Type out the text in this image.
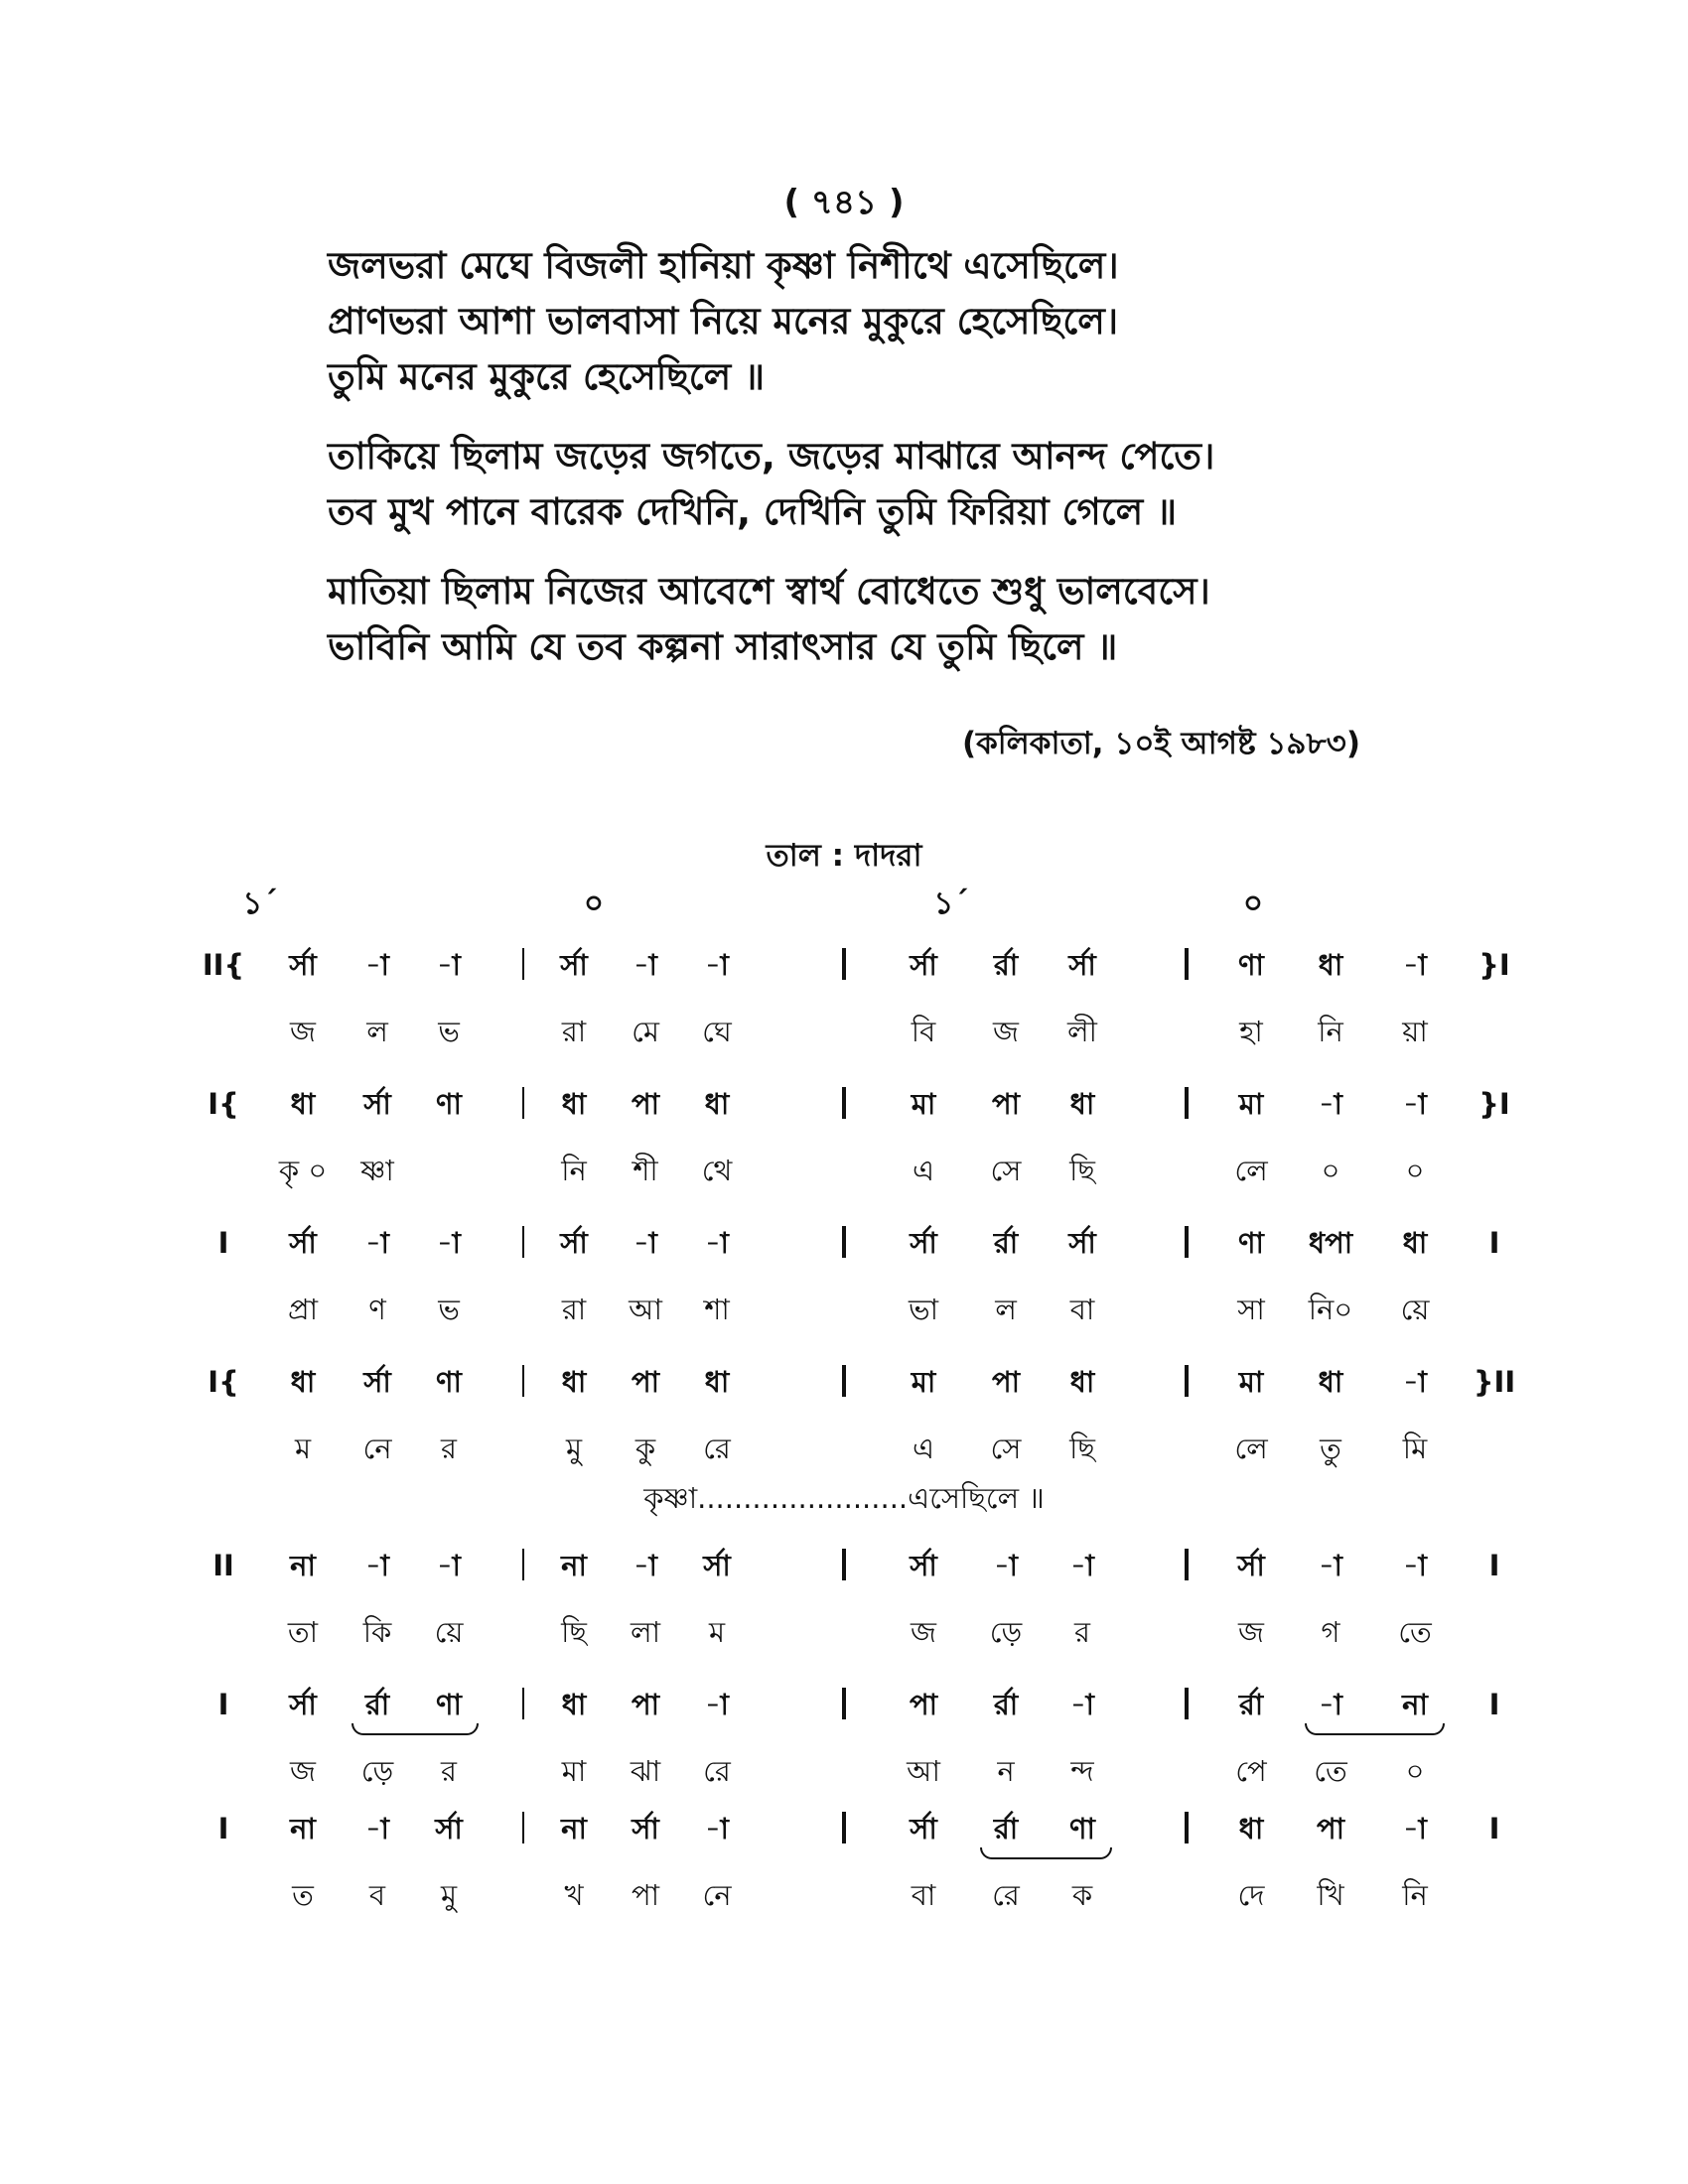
( ৭৪১ )
জলভরা মেঘে বিজলী হানিয়া কৃষ্ণা নিশীথে এসেছিলে।
প্রাণভরা আশা ভালবাসা নিয়ে মনের মুকুরে হেসেছিলে।
তুমি মনের মুকুরে হেসেছিলে ॥
তাকিয়ে ছিলাম জড়ের জগতে, জড়ের মাঝারে আনন্দ পেতে।
তব মুখ পানে বারেক দেখিনি, দেখিনি তুমি ফিরিয়া গেলে ॥
মাতিয়া ছিলাম নিজের আবেশে স্বার্থ বোধেতে শুধু ভালবেসে।
ভাবিনি আমি যে তব কল্পনা সারাৎসার যে তুমি ছিলে ॥
(কলিকাতা, ১০ই আগষ্ট ১৯৮৩)
তাল : দাদরা
১´	০	১´	০
II{	}I
র্সা -া -া	র্সা -া -া	র্সা র্রা র্সা	ণা ধা -া
জ ল ভ	রা মে ঘে	বি জ লী	হা নি য়া
I{	}I
ধা র্সা ণা	ধা পা ধা	মা পা ধা	মা -া -া
কৃ ০ ষ্ণা	নি শী থে	এ সে ছি	লে ০ ০
I	I
র্সা -া -া	র্সা -া -া	র্সা র্রা র্সা	ণা ধপা ধা
প্রা ণ ভ	রা আ শা	ভা ল বা	সা নি০ য়ে
I{	}II
ধা র্সা ণা	ধা পা ধা	মা পা ধা	মা ধা -া
ম নে র	মু কু রে	এ সে ছি	লে তু মি
II	I
না -া -া	না -া র্সা	র্সা -া -া	র্সা -া -া
তা কি য়ে	ছি লা ম	জ ড়ে র	জ গ তে
I	I
র্সা র্রা ণা	ধা পা -া	পা র্রা -া	র্রা -া না
জ ড়ে র	মা ঝা রে	আ ন ন্দ	পে তে ০
I	I
না -া র্সা	না র্সা -া	র্সা র্রা ণা	ধা পা -া
ত ব মু	খ পা নে	বা রে ক	দে খি নি
কৃষ্ণা.......................এসেছিলে ॥
